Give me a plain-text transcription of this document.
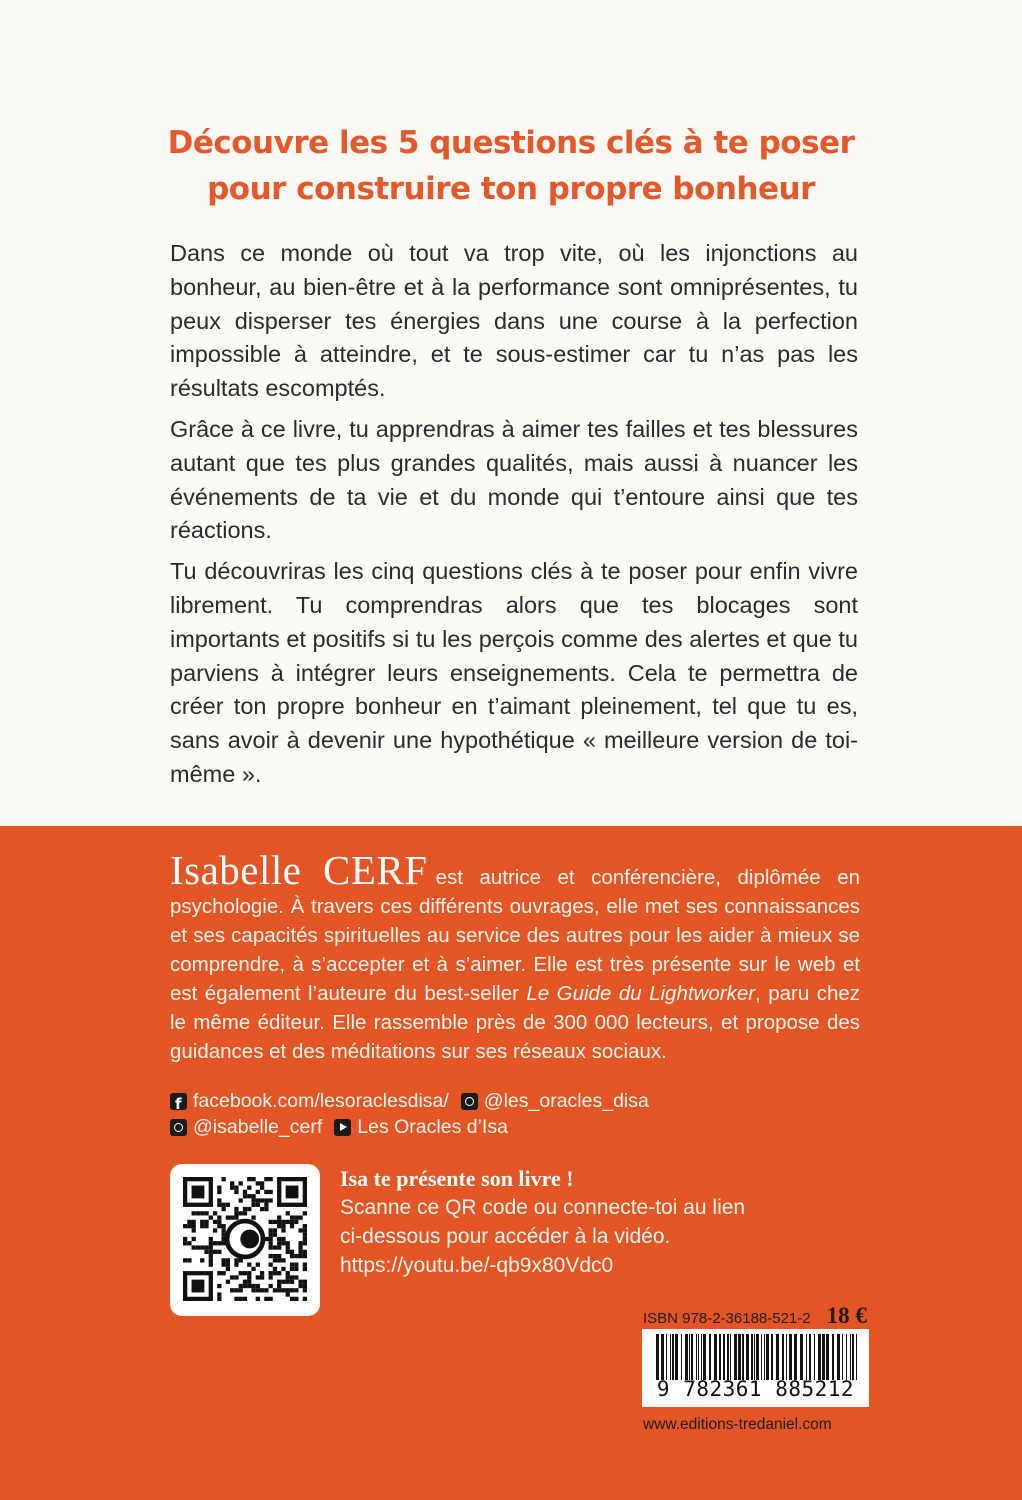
Découvre les 5 questions clés à te poser
pour construire ton propre bonheur

Dans ce monde où tout va trop vite, où les injonctions au bonheur, au bien-être et à la performance sont omniprésentes, tu peux disperser tes énergies dans une course à la perfection impossible à atteindre, et te sous-estimer car tu n’as pas les résultats escomptés.

Grâce à ce livre, tu apprendras à aimer tes failles et tes blessures autant que tes plus grandes qualités, mais aussi à nuancer les événements de ta vie et du monde qui t’entoure ainsi que tes réactions.

Tu découvriras les cinq questions clés à te poser pour enfin vivre librement. Tu comprendras alors que tes blocages sont importants et positifs si tu les perçois comme des alertes et que tu parviens à intégrer leurs enseignements. Cela te permettra de créer ton propre bonheur en t’aimant pleinement, tel que tu es, sans avoir à devenir une hypothétique « meilleure version de toi-même ».

Isabelle CERF est autrice et conférencière, diplômée en psychologie. À travers ces différents ouvrages, elle met ses connaissances et ses capacités spirituelles au service des autres pour les aider à mieux se comprendre, à s’accepter et à s’aimer. Elle est très présente sur le web et est également l’auteure du best-seller Le Guide du Lightworker, paru chez le même éditeur. Elle rassemble près de 300 000 lecteurs, et propose des guidances et des méditations sur ses réseaux sociaux.
f
facebook.com/lesoraclesdisa/ @les_oracles_disa
@isabelle_cerf Les Oracles d’Isa
Isa te présente son livre !
Scanne ce QR code ou connecte-toi au lien
ci-dessous pour accéder à la vidéo.
https://youtu.be/-qb9x80Vdc0
ISBN 978-2-36188-521-2 18 €
9 782361 885212
www.editions-tredaniel.com
